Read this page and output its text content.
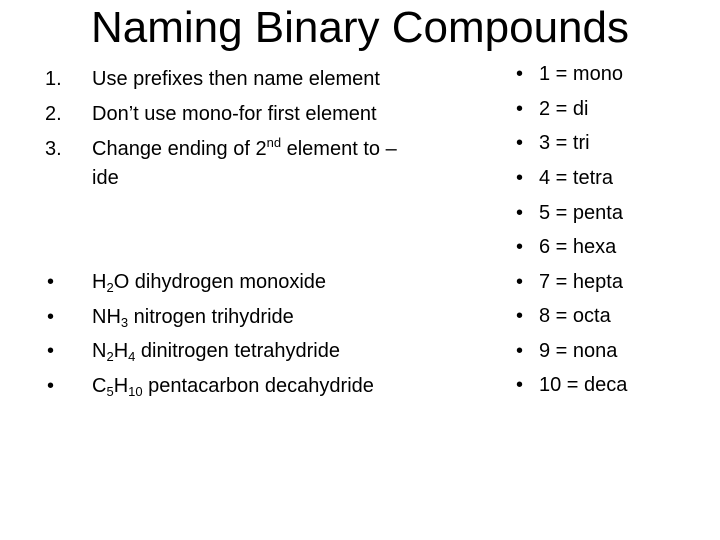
Naming Binary Compounds
1.	Use prefixes then name element
2.	Don’t use mono-for first element
3.	Change ending of 2nd element to –
ide
•	$H_2O$ dihydrogen monoxide
•	$NH_3$ nitrogen trihydride
•	$N_2H_4$ dinitrogen tetrahydride
•	$C_5H_{10}$ pentacarbon decahydride
• 1 = mono
• 2 = di
• 3 = tri
• 4 = tetra
• 5 = penta
• 6 = hexa
• 7 = hepta
• 8 = octa
• 9 = nona
• 10 = deca
